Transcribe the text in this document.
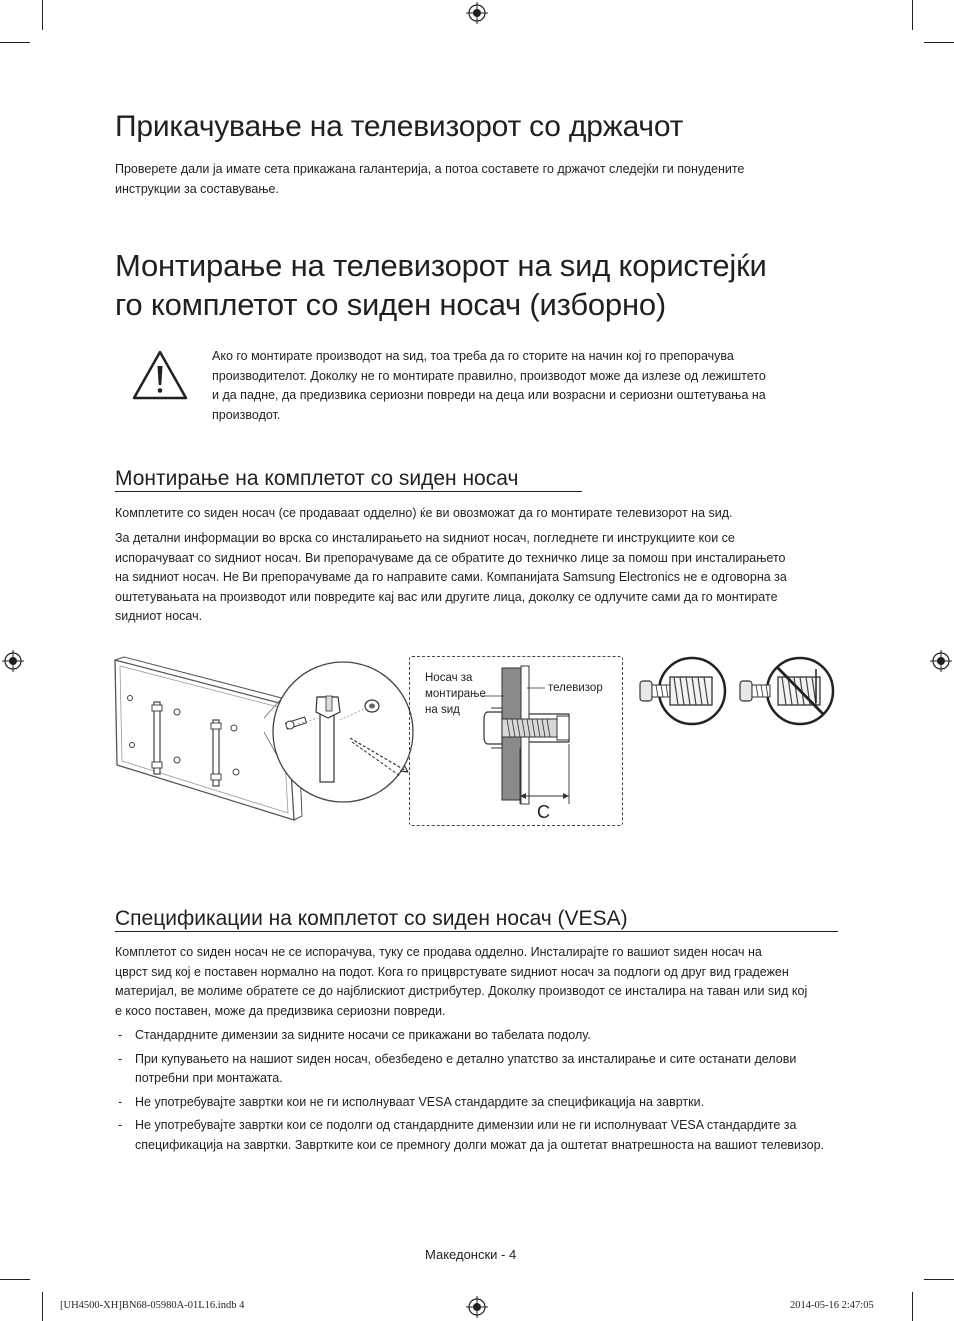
Прикачување на телевизорот со држачот

Проверете дали ја имате сета прикажана галантерија, а потоа составете го држачот следејќи ги понудените инструкции за составување.

Монтирање на телевизорот на ѕид користејќи
го комплетот со ѕиден носач (изборно)
Ако го монтирате производот на ѕид, тоа треба да го сторите на начин кој го препорачува
производителот. Доколку не го монтирате правилно, производот може да излезе од лежиштето
и да падне, да предизвика сериозни повреди на деца или возрасни и сериозни оштетувања на
производот.
Монтирање на комплетот со ѕиден носач

Комплетите со ѕиден носач (се продаваат одделно) ќе ви овозможат да го монтирате телевизорот на ѕид.

За детални информации во врска со инсталирањето на ѕидниот носач, погледнете ги инструкциите кои се
испорачуваат со ѕидниот носач. Ви препорачуваме да се обратите до техничко лице за помош при инсталирањето
на ѕидниот носач. Не Ви препорачуваме да го направите сами. Компанијата Samsung Electronics не е одговорна за
оштетувањата на производот или повредите кај вас или другите лица, доколку се одлучите сами да го монтирате
ѕидниот носач.
Носач за
монтирање
на ѕид
телевизор
C
Спецификации на комплетот со ѕиден носач (VESA)
Комплетот со ѕиден носач не се испорачува, туку се продава одделно. Инсталирајте го вашиот ѕиден носач на
цврст ѕид кој е поставен нормално на подот. Кога го прицврстувате ѕидниот носач за подлоги од друг вид градежен
материјал, ве молиме обратете се до најблискиот дистрибутер. Доколку производот се инсталира на таван или ѕид кој
е косо поставен, може да предизвика сериозни повреди.
- Стандардните димензии за ѕидните носачи се прикажани во табелата подолу.
- При купувањето на нашиот ѕиден носач, обезбедено е детално упатство за инсталирање и сите останати делови потребни при монтажата.
- Не употребувајте завртки кои не ги исполнуваат VESA стандардите за спецификација на завртки.
- Не употребувајте завртки кои се подолги од стандардните димензии или не ги исполнуваат VESA стандардите за спецификација на завртки. Завртките кои се премногу долги можат да ја оштетат внатрешноста на вашиот телевизор.
Македонски - 4
[UH4500-XH]BN68-05980A-01L16.indb 4	2014-05-16 2:47:05
